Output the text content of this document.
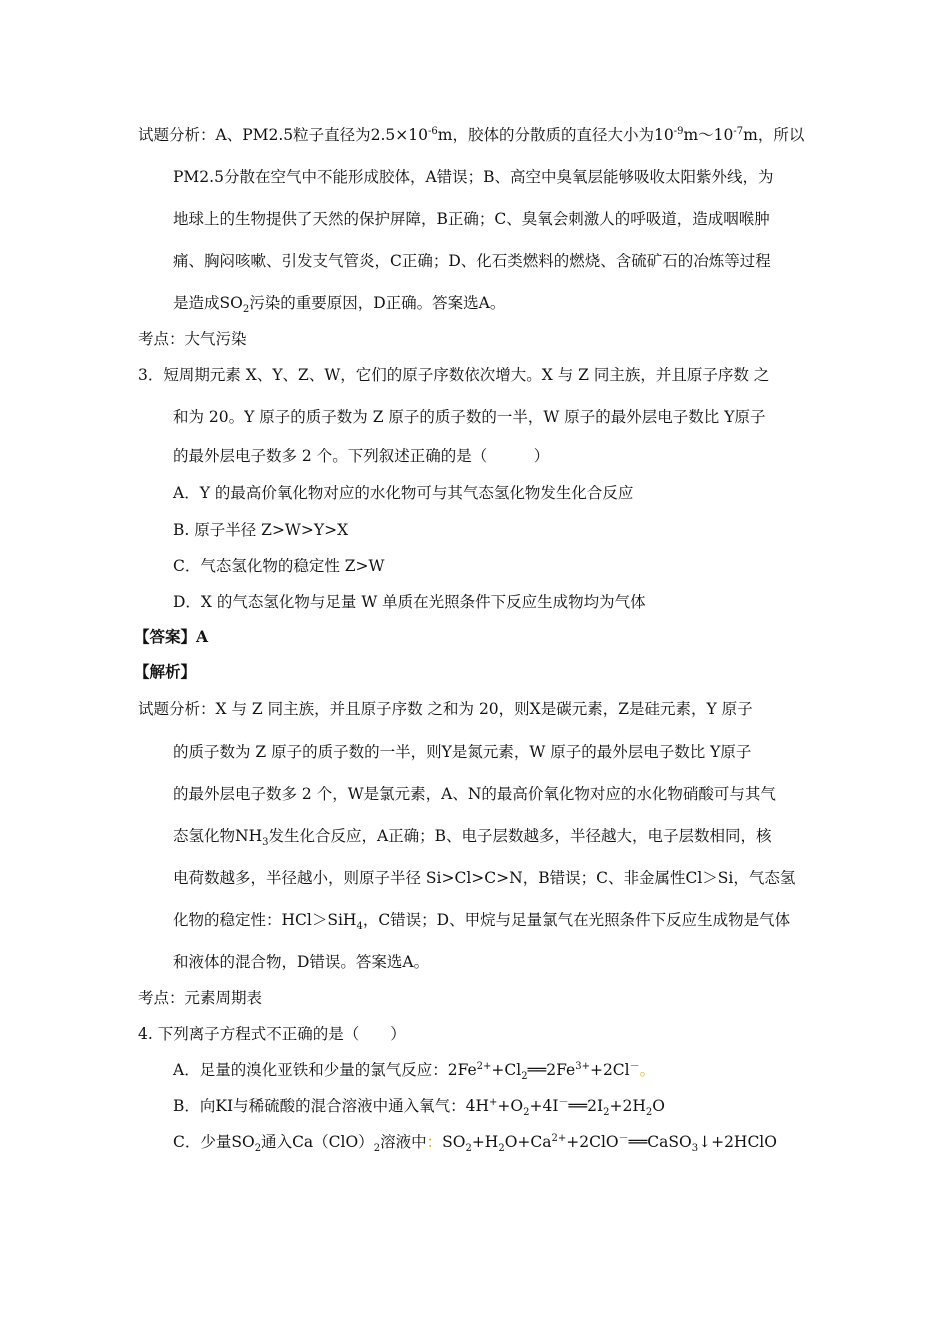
试题分析：A、PM2.5粒子直径为$2.5\times 10^{-6}m$，胶体的分散质的直径大小为$10^{-9}m\sim 10^{-7}m$，所以
PM2.5分散在空气中不能形成胶体，A错误；B、高空中臭氧层能够吸收太阳紫外线，为
地球上的生物提供了天然的保护屏障，B正确；C、臭氧会刺激人的呼吸道，造成咽喉肿
痛、胸闷咳嗽、引发支气管炎，C正确；D、化石类燃料的燃烧、含硫矿石的冶炼等过程
是造成$SO_2$污染的重要原因，D正确。答案选A。
考点：大气污染
3．短周期元素 X、Y、Z、W，它们的原子序数依次增大。X 与 Z 同主族，并且原子序数 之
和为 20。Y 原子的质子数为 Z 原子的质子数的一半，W 原子的最外层电子数比 Y原子
的最外层电子数多 2 个。下列叙述正确的是（　　　）
A．Y 的最高价氧化物对应的水化物可与其气态氢化物发生化合反应
B. 原子半径 Z>W>Y>X
C．气态氢化物的稳定性 Z>W
D．X 的气态氢化物与足量 W 单质在光照条件下反应生成物均为气体
【答案】A
【解析】
试题分析：X 与 Z 同主族，并且原子序数 之和为 20，则X是碳元素，Z是硅元素，Y 原子
的质子数为 Z 原子的质子数的一半，则Y是氮元素，W 原子的最外层电子数比 Y原子
的最外层电子数多 2 个，W是氯元素，A、N的最高价氧化物对应的水化物硝酸可与其气
态氢化物$NH_3$发生化合反应，A正确；B、电子层数越多，半径越大，电子层数相同，核
电荷数越多，半径越小，则原子半径 Si>Cl>C>N，B错误；C、非金属性Cl＞Si，气态氢
化物的稳定性：HCl＞SiH$_4$，C错误；D、甲烷与足量氯气在光照条件下反应生成物是气体
和液体的混合物，D错误。答案选A。
考点：元素周期表
4. 下列离子方程式不正确的是（　　）
A．足量的溴化亚铁和少量的氯气反应：$2Fe^{2+}+Cl_2══2Fe^{3+}+2Cl^-$。
B．向KI与稀硫酸的混合溶液中通入氧气：$4H^++O_2+4I^-══2I_2+2H_2O$
C．少量$SO_2$通入$Ca(ClO)_2$溶液中：$SO_2+H_2O+Ca^{2+}+2ClO^-══CaSO_3↓+2HClO$
